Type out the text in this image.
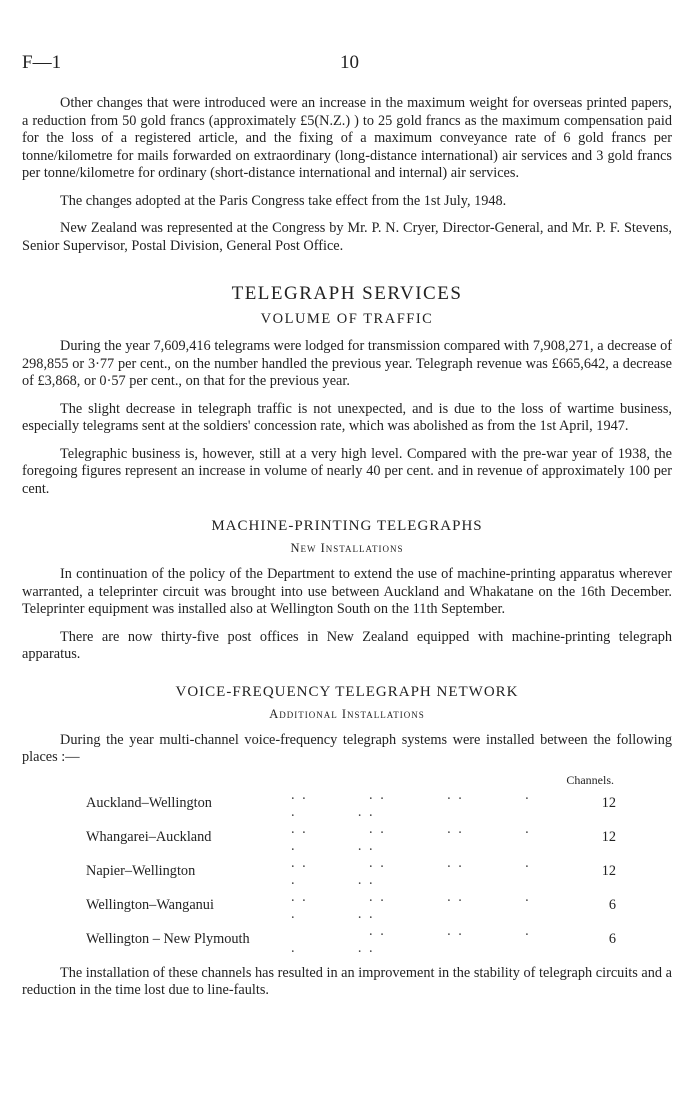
F—1	10

Other changes that were introduced were an increase in the maximum weight for overseas printed papers, a reduction from 50 gold francs (approximately £5(N.Z.) ) to 25 gold francs as the maximum compensation paid for the loss of a registered article, and the fixing of a maximum conveyance rate of 6 gold francs per tonne/kilometre for mails forwarded on extraordinary (long-distance international) air services and 3 gold francs per tonne/kilometre for ordinary (short-distance international and internal) air services.

The changes adopted at the Paris Congress take effect from the 1st July, 1948.

New Zealand was represented at the Congress by Mr. P. N. Cryer, Director-General, and Mr. P. F. Stevens, Senior Supervisor, Postal Division, General Post Office.

TELEGRAPH SERVICES
VOLUME OF TRAFFIC

During the year 7,609,416 telegrams were lodged for transmission compared with 7,908,271, a decrease of 298,855 or 3·77 per cent., on the number handled the previous year. Telegraph revenue was £665,642, a decrease of £3,868, or 0·57 per cent., on that for the previous year.

The slight decrease in telegraph traffic is not unexpected, and is due to the loss of wartime business, especially telegrams sent at the soldiers' concession rate, which was abolished as from the 1st April, 1947.

Telegraphic business is, however, still at a very high level. Compared with the pre-war year of 1938, the foregoing figures represent an increase in volume of nearly 40 per cent. and in revenue of approximately 100 per cent.

MACHINE-PRINTING TELEGRAPHS
New Installations

In continuation of the policy of the Department to extend the use of machine-printing apparatus wherever warranted, a teleprinter circuit was brought into use between Auckland and Whakatane on the 16th December. Teleprinter equipment was installed also at Wellington South on the 11th September.

There are now thirty-five post offices in New Zealand equipped with machine-printing telegraph apparatus.

VOICE-FREQUENCY TELEGRAPH NETWORK
Additional Installations

During the year multi-channel voice-frequency telegraph systems were installed between the following places :—

Channels.
Auckland–Wellington	. .           . .           . .           . .           . .	12
Whangarei–Auckland	. .           . .           . .           . .           . .	12
Napier–Wellington	. .           . .           . .           . .           . .	12
Wellington–Wanganui	. .           . .           . .           . .           . .	6
Wellington – New Plymouth	. .           . .           . .           . .	6

The installation of these channels has resulted in an improvement in the stability of telegraph circuits and a reduction in the time lost due to line-faults.
